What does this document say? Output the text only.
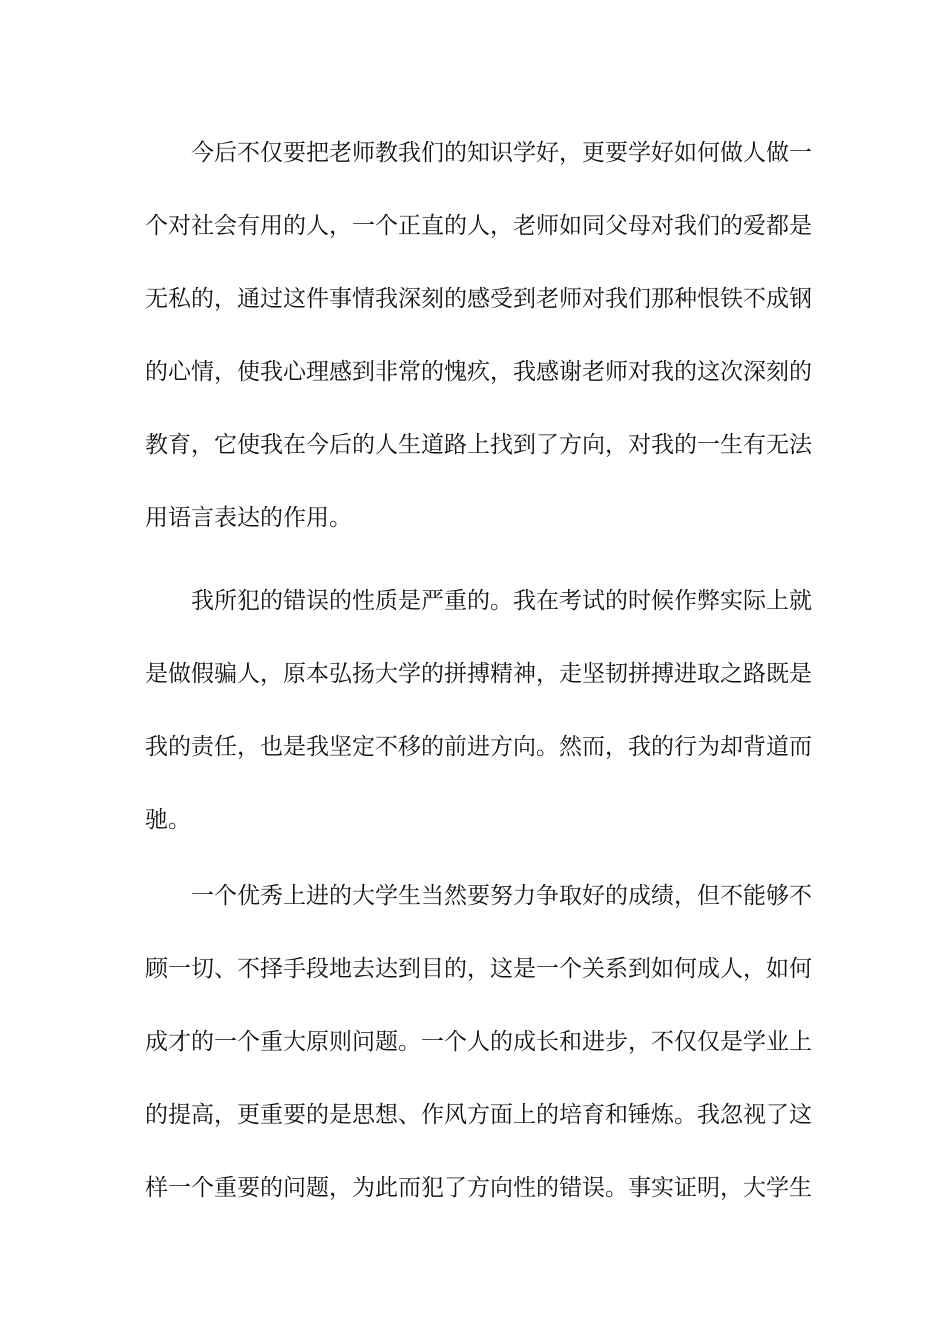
今后不仅要把老师教我们的知识学好，更要学好如何做人做一
个对社会有用的人，一个正直的人，老师如同父母对我们的爱都是
无私的，通过这件事情我深刻的感受到老师对我们那种恨铁不成钢
的心情，使我心理感到非常的愧疚，我感谢老师对我的这次深刻的
教育，它使我在今后的人生道路上找到了方向，对我的一生有无法
用语言表达的作用。
我所犯的错误的性质是严重的。我在考试的时候作弊实际上就
是做假骗人，原本弘扬大学的拼搏精神，走坚韧拼搏进取之路既是
我的责任，也是我坚定不移的前进方向。然而，我的行为却背道而
驰。
一个优秀上进的大学生当然要努力争取好的成绩，但不能够不
顾一切、不择手段地去达到目的，这是一个关系到如何成人，如何
成才的一个重大原则问题。一个人的成长和进步，不仅仅是学业上
的提高，更重要的是思想、作风方面上的培育和锤炼。我忽视了这
样一个重要的问题，为此而犯了方向性的错误。事实证明，大学生
